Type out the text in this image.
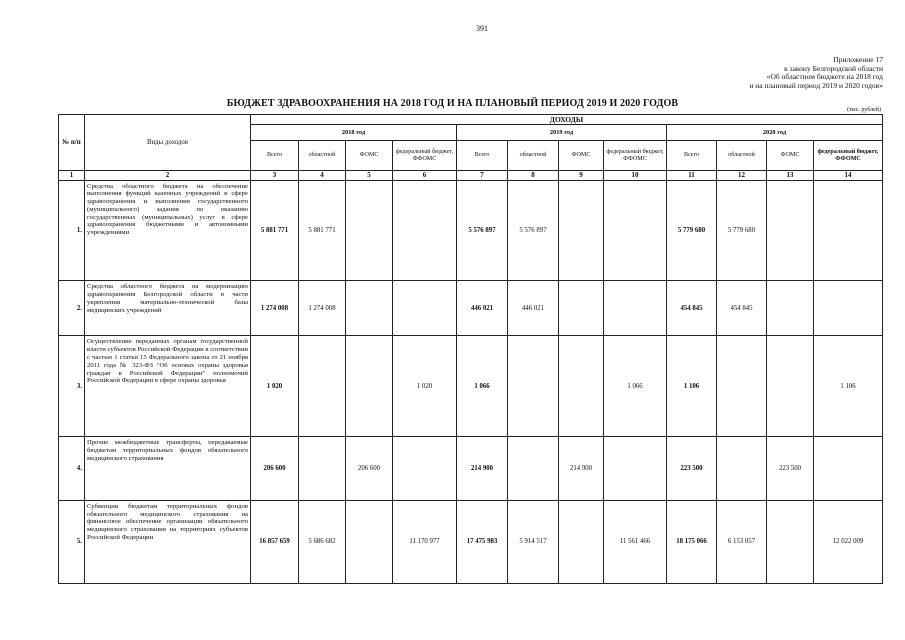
391
Приложение 17
к закону Белгородской области
«Об областном бюджете на 2018 год
и на плановый период 2019 и 2020 годов»
БЮДЖЕТ ЗДРАВООХРАНЕНИЯ НА 2018 ГОД И НА ПЛАНОВЫЙ ПЕРИОД 2019 И 2020 ГОДОВ
(тыс. рублей)
№ п/п	Виды доходов	ДОХОДЫ											
		2018 год				2019 год				2020 год			
		Всего	областной	ФОМС	федеральный бюджет, ФФОМС	Всего	областной	ФОМС	федеральный бюджет, ФФОМС	Всего	областной	ФОМС	федеральный бюджет, ФФОМС
1	2	3	4	5	6	7	8	9	10	11	12	13	14
1.	Средства областного бюджета на обеспечение выполнения функций казенных учреждений в сфере здравоохранения и выполнения государственного (муниципального) задания по оказанию государственных (муниципальных) услуг в сфере здравоохранения бюджетными и автономными учреждениями	5 881 771	5 881 771			5 576 897	5 576 897			5 779 680	5 779 680		
2.	Средства областного бюджета на модернизацию здравоохранения Белгородской области в части укрепления материально-технической базы медицинских учреждений	1 274 008	1 274 008			446 021	446 021			454 845	454 845		
3.	Осуществление переданных органам государственной власти субъектов Российской Федерации в соответствии с частью 1 статьи 15 Федерального закона от 21 ноября 2011 года № 323-ФЗ "Об основах охраны здоровья граждан в Российской Федерации" полномочий Российской Федерации в сфере охраны здоровья	1 020			1 020	1 066			1 066	1 106			1 106
4.	Прочие межбюджетные трансферты, передаваемые бюджетам территориальных фондов обязательного медицинского страхования	206 600		206 600		214 900		214 900		223 500		223 500	
5.	Субвенции бюджетам территориальных фондов обязательного медицинского страхования на финансовое обеспечение организации обязательного медицинского страхования на территориях субъектов Российской Федерации	16 857 659	5 686 682		11 170 977	17 475 983	5 914 517		11 561 466	18 175 066	6 153 057		12 022 009
